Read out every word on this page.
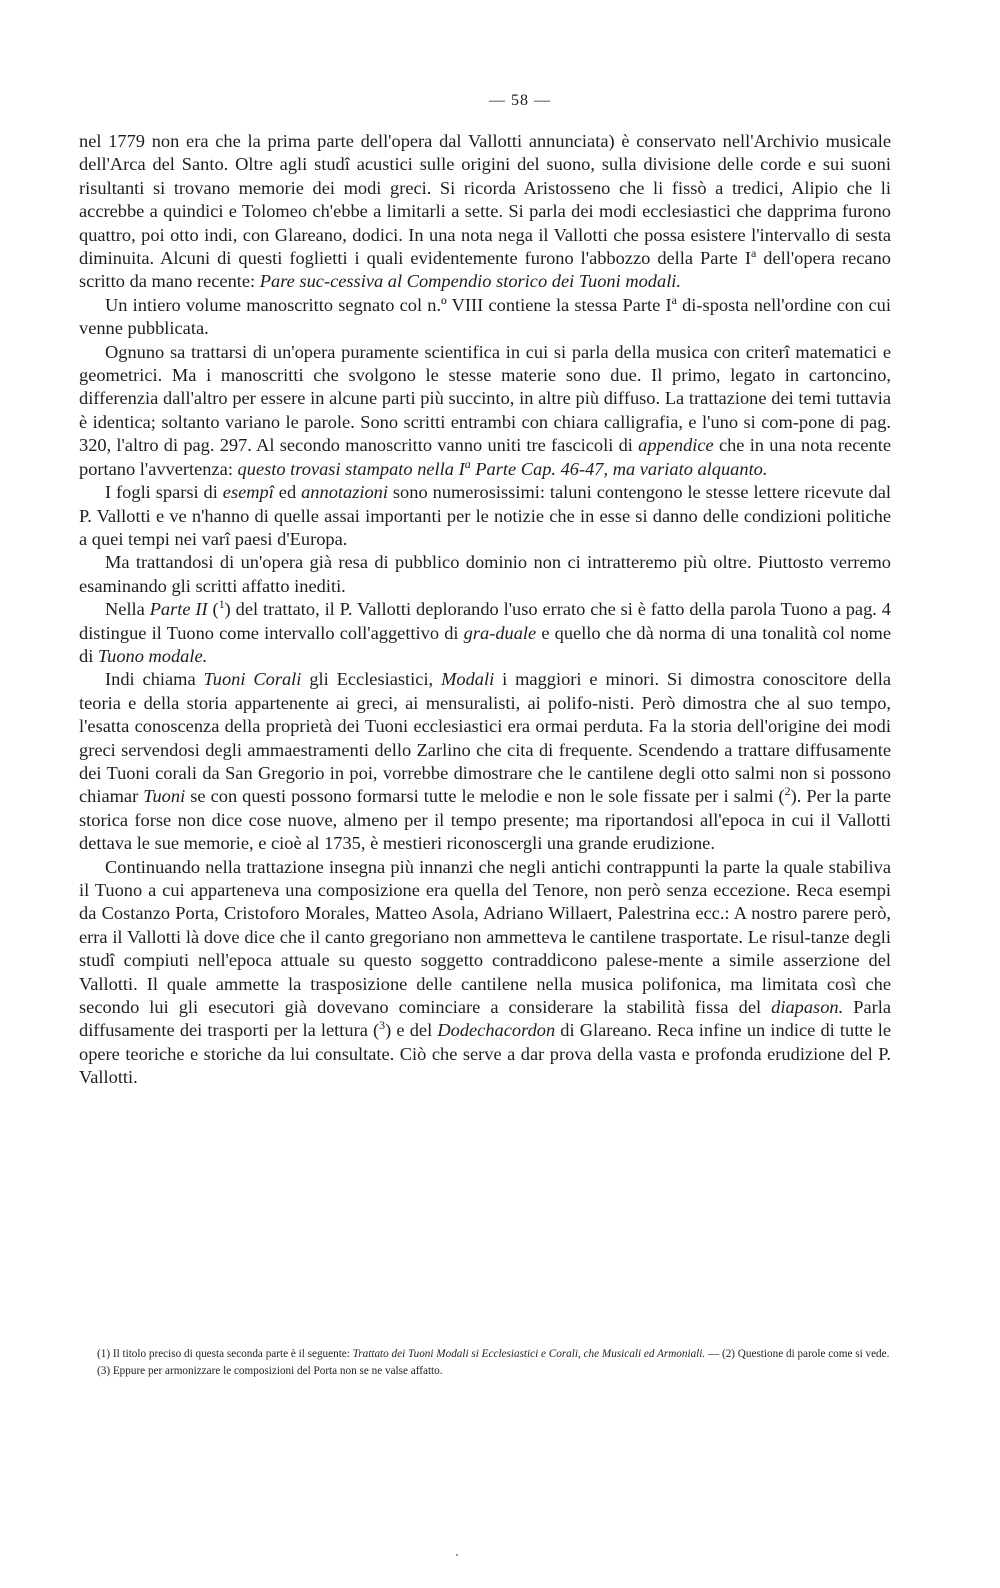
— 58 —

nel 1779 non era che la prima parte dell'opera dal Vallotti annunciata) è conservato nell'Archivio musicale dell'Arca del Santo. Oltre agli studî acustici sulle origini del suono, sulla divisione delle corde e sui suoni risultanti si trovano memorie dei modi greci. Si ricorda Aristosseno che li fissò a tredici, Alipio che li accrebbe a quindici e Tolomeo ch'ebbe a limitarli a sette. Si parla dei modi ecclesiastici che dapprima furono quattro, poi otto indi, con Glareano, dodici. In una nota nega il Vallotti che possa esistere l'intervallo di sesta diminuita. Alcuni di questi foglietti i quali evidentemente furono l'abbozzo della Parte $I^a$ dell'opera recano scritto da mano recente: Pare suc-cessiva al Compendio storico dei Tuoni modali.

Un intiero volume manoscritto segnato col n.º VIII contiene la stessa Parte $I^a$ di-sposta nell'ordine con cui venne pubblicata.

Ognuno sa trattarsi di un'opera puramente scientifica in cui si parla della musica con criterî matematici e geometrici. Ma i manoscritti che svolgono le stesse materie sono due. Il primo, legato in cartoncino, differenzia dall'altro per essere in alcune parti più succinto, in altre più diffuso. La trattazione dei temi tuttavia è identica; soltanto variano le parole. Sono scritti entrambi con chiara calligrafia, e l'uno si com-pone di pag. 320, l'altro di pag. 297. Al secondo manoscritto vanno uniti tre fascicoli di appendice che in una nota recente portano l'avvertenza: questo trovasi stampato nella $I^a$ Parte Cap. 46-47, ma variato alquanto.

I fogli sparsi di esempî ed annotazioni sono numerosissimi: taluni contengono le stesse lettere ricevute dal P. Vallotti e ve n'hanno di quelle assai importanti per le notizie che in esse si danno delle condizioni politiche a quei tempi nei varî paesi d'Europa.

Ma trattandosi di un'opera già resa di pubblico dominio non ci intratteremo più oltre. Piuttosto verremo esaminando gli scritti affatto inediti.

Nella Parte II ($^1$) del trattato, il P. Vallotti deplorando l'uso errato che si è fatto della parola Tuono a pag. 4 distingue il Tuono come intervallo coll'aggettivo di gra-duale e quello che dà norma di una tonalità col nome di Tuono modale.

Indi chiama Tuoni Corali gli Ecclesiastici, Modali i maggiori e minori. Si dimostra conoscitore della teoria e della storia appartenente ai greci, ai mensuralisti, ai polifo-nisti. Però dimostra che al suo tempo, l'esatta conoscenza della proprietà dei Tuoni ecclesiastici era ormai perduta. Fa la storia dell'origine dei modi greci servendosi degli ammaestramenti dello Zarlino che cita di frequente. Scendendo a trattare diffusamente dei Tuoni corali da San Gregorio in poi, vorrebbe dimostrare che le cantilene degli otto salmi non si possono chiamar Tuoni se con questi possono formarsi tutte le melodie e non le sole fissate per i salmi ($^2$). Per la parte storica forse non dice cose nuove, almeno per il tempo presente; ma riportandosi all'epoca in cui il Vallotti dettava le sue memorie, e cioè al 1735, è mestieri riconoscergli una grande erudizione.

Continuando nella trattazione insegna più innanzi che negli antichi contrappunti la parte la quale stabiliva il Tuono a cui apparteneva una composizione era quella del Tenore, non però senza eccezione. Reca esempi da Costanzo Porta, Cristoforo Morales, Matteo Asola, Adriano Willaert, Palestrina ecc.: A nostro parere però, erra il Vallotti là dove dice che il canto gregoriano non ammetteva le cantilene trasportate. Le risul-tanze degli studî compiuti nell'epoca attuale su questo soggetto contraddicono palese-mente a simile asserzione del Vallotti. Il quale ammette la trasposizione delle cantilene nella musica polifonica, ma limitata così che secondo lui gli esecutori già dovevano cominciare a considerare la stabilità fissa del diapason. Parla diffusamente dei trasporti per la lettura ($^3$) e del Dodechacordon di Glareano. Reca infine un indice di tutte le opere teoriche e storiche da lui consultate. Ciò che serve a dar prova della vasta e profonda erudizione del P. Vallotti.

(1) Il titolo preciso di questa seconda parte è il seguente: Trattato dei Tuoni Modali si Ecclesiastici e Corali, che Musicali ed Armoniali. — (2) Questione di parole come si vede.

(3) Eppure per armonizzare le composizioni del Porta non se ne valse affatto.
